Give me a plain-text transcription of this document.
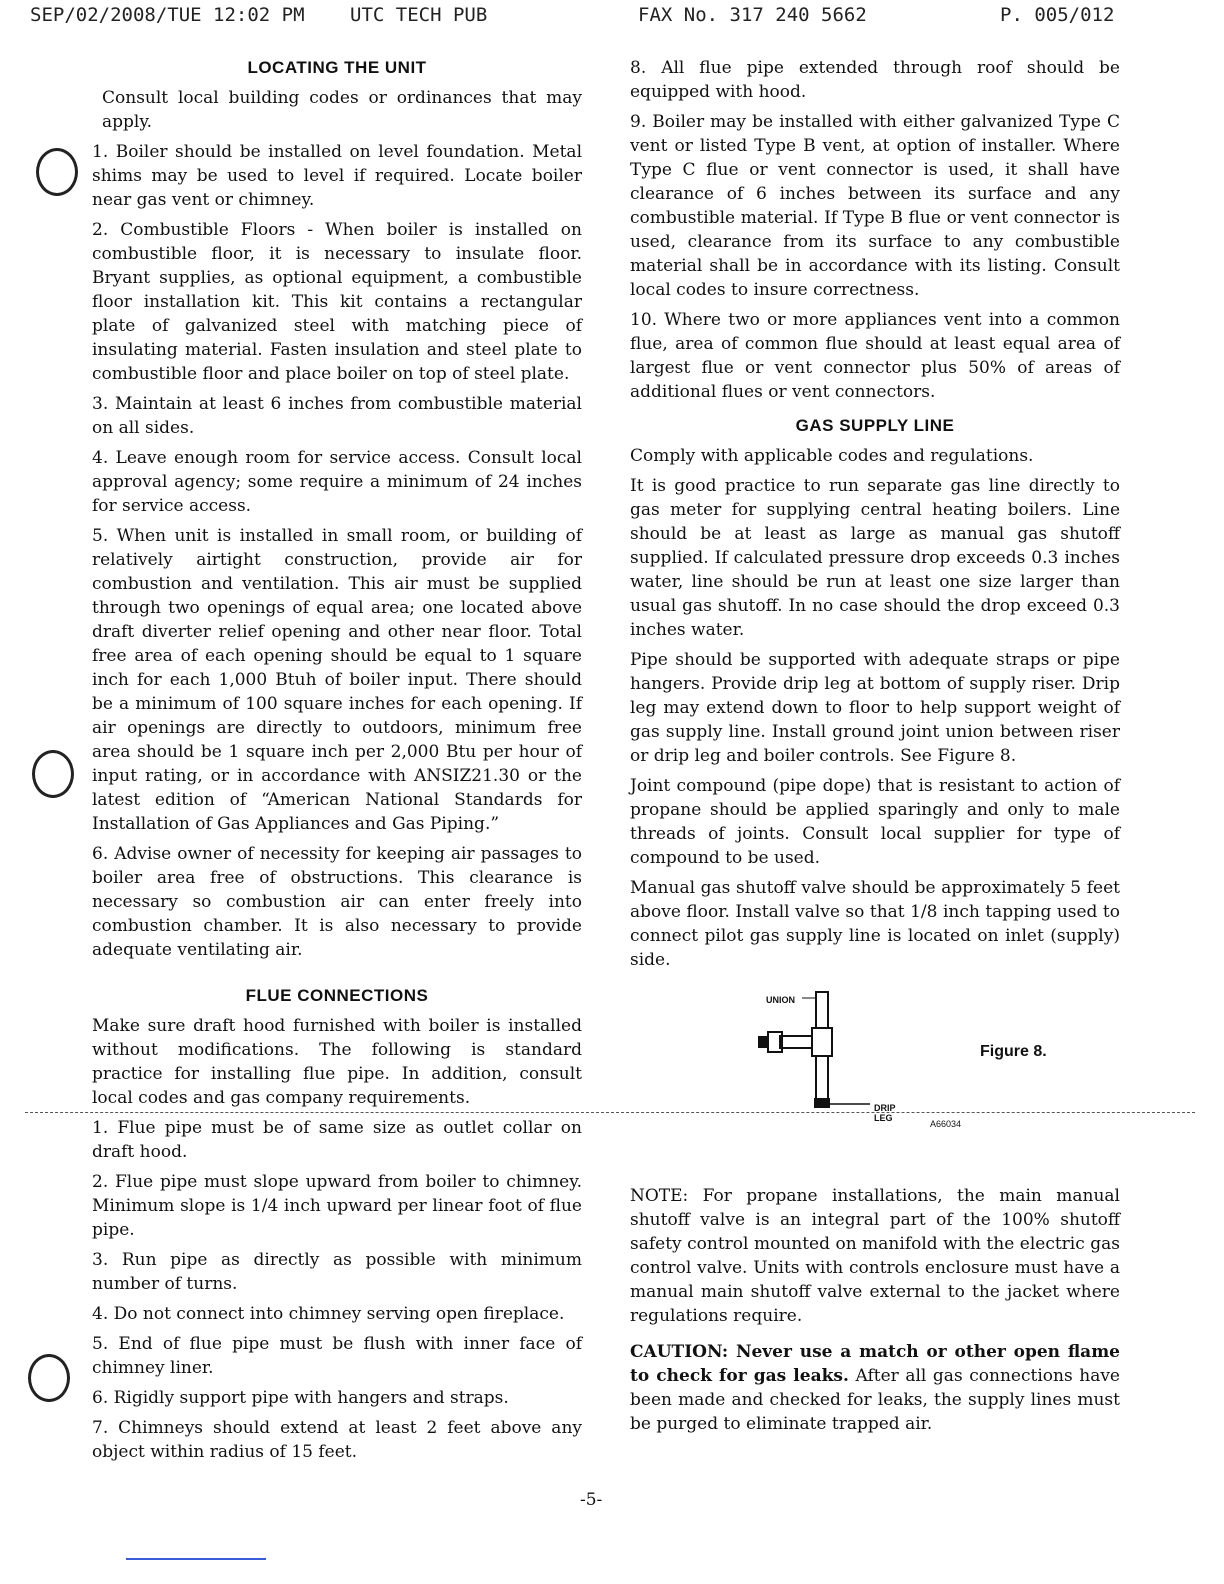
SEP/02/2008/TUE 12:02 PM UTC TECH PUB	FAX No. 317 240 5662	P. 005/012
LOCATING THE UNIT

Consult local building codes or ordinances that may apply.

1. Boiler should be installed on level foundation. Metal shims may be used to level if required. Locate boiler near gas vent or chimney.

2. Combustible Floors - When boiler is installed on combustible floor, it is necessary to insulate floor. Bryant supplies, as optional equipment, a combustible floor installation kit. This kit contains a rectangular plate of galvanized steel with matching piece of insulating material. Fasten insulation and steel plate to combustible floor and place boiler on top of steel plate.

3. Maintain at least 6 inches from combustible material on all sides.

4. Leave enough room for service access. Consult local approval agency; some require a minimum of 24 inches for service access.

5. When unit is installed in small room, or building of relatively airtight construction, provide air for combustion and ventilation. This air must be supplied through two openings of equal area; one located above draft diverter relief opening and other near floor. Total free area of each opening should be equal to 1 square inch for each 1,000 Btuh of boiler input. There should be a minimum of 100 square inches for each opening. If air openings are directly to outdoors, minimum free area should be 1 square inch per 2,000 Btu per hour of input rating, or in accordance with ANSIZ21.30 or the latest edition of “American National Standards for Installation of Gas Appliances and Gas Piping.”

6. Advise owner of necessity for keeping air passages to boiler area free of obstructions. This clearance is necessary so combustion air can enter freely into combustion chamber. It is also necessary to provide adequate ventilating air.

FLUE CONNECTIONS

Make sure draft hood furnished with boiler is installed without modifications. The following is standard practice for installing flue pipe. In addition, consult local codes and gas company requirements.

1. Flue pipe must be of same size as outlet collar on draft hood.

2. Flue pipe must slope upward from boiler to chimney. Minimum slope is 1/4 inch upward per linear foot of flue pipe.

3. Run pipe as directly as possible with minimum number of turns.

4. Do not connect into chimney serving open fireplace.

5. End of flue pipe must be flush with inner face of chimney liner.

6. Rigidly support pipe with hangers and straps.

7. Chimneys should extend at least 2 feet above any object within radius of 15 feet.

8. All flue pipe extended through roof should be equipped with hood.

9. Boiler may be installed with either galvanized Type C vent or listed Type B vent, at option of installer. Where Type C flue or vent connector is used, it shall have clearance of 6 inches between its surface and any combustible material. If Type B flue or vent connector is used, clearance from its surface to any combustible material shall be in accordance with its listing. Consult local codes to insure correctness.

10. Where two or more appliances vent into a common flue, area of common flue should at least equal area of largest flue or vent connector plus 50% of areas of additional flues or vent connectors.

GAS SUPPLY LINE

Comply with applicable codes and regulations.

It is good practice to run separate gas line directly to gas meter for supplying central heating boilers. Line should be at least as large as manual gas shutoff supplied. If calculated pressure drop exceeds 0.3 inches water, line should be run at least one size larger than usual gas shutoff. In no case should the drop exceed 0.3 inches water.

Pipe should be supported with adequate straps or pipe hangers. Provide drip leg at bottom of supply riser. Drip leg may extend down to floor to help support weight of gas supply line. Install ground joint union between riser or drip leg and boiler controls. See Figure 8.

Joint compound (pipe dope) that is resistant to action of propane should be applied sparingly and only to male threads of joints. Consult local supplier for type of compound to be used.

Manual gas shutoff valve should be approximately 5 feet above floor. Install valve so that 1/8 inch tapping used to connect pilot gas supply line is located on inlet (supply) side.

UNION
DRIP
LEG
A66034
Figure 8.

NOTE: For propane installations, the main manual shutoff valve is an integral part of the 100% shutoff safety control mounted on manifold with the electric gas control valve. Units with controls enclosure must have a manual main shutoff valve external to the jacket where regulations require.

CAUTION: Never use a match or other open flame to check for gas leaks. After all gas connections have been made and checked for leaks, the supply lines must be purged to eliminate trapped air.

-5-
